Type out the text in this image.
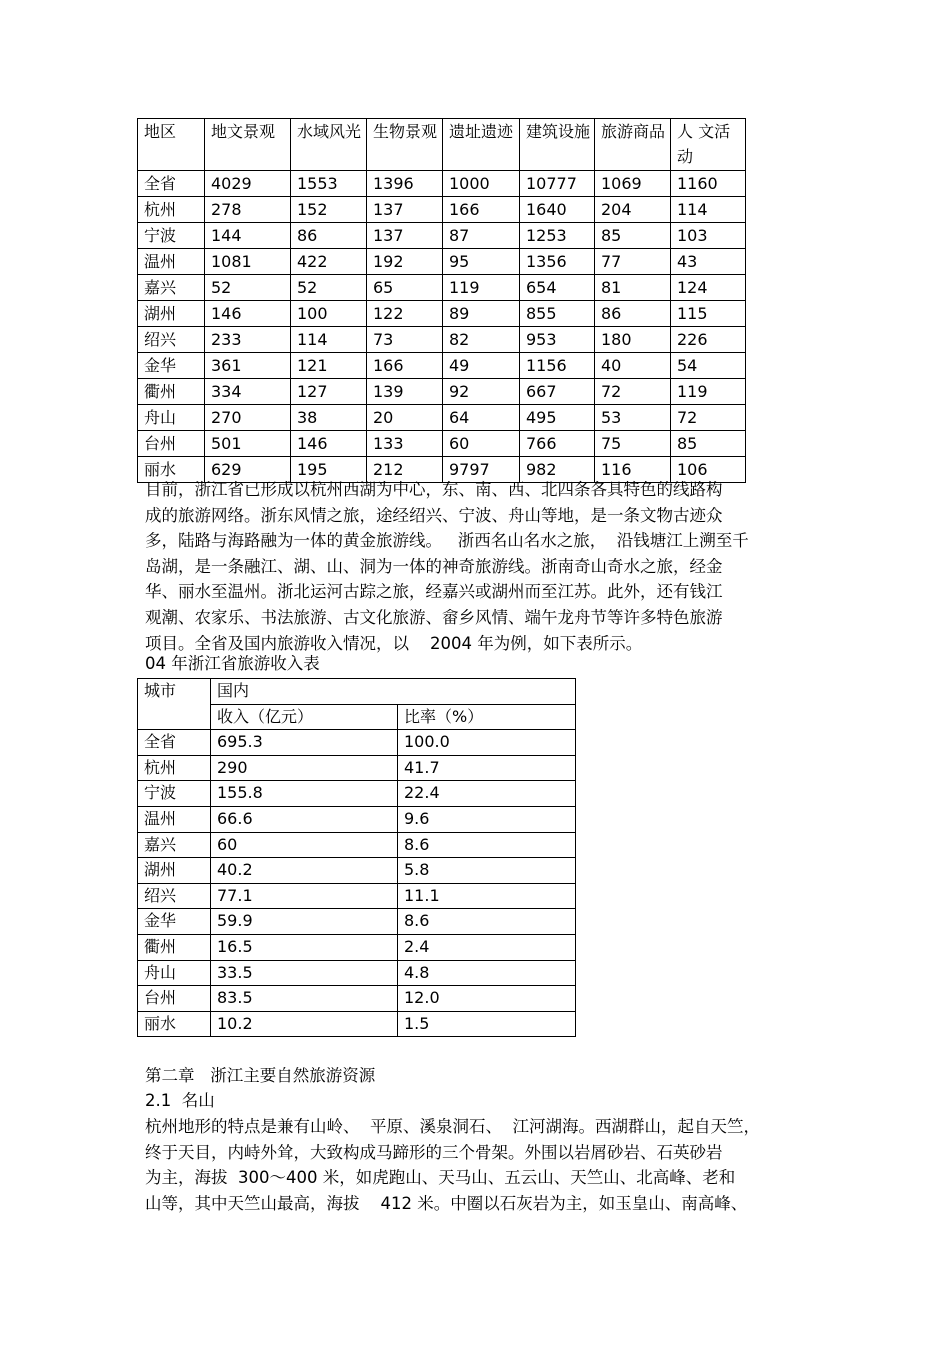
地区	地文景观	水域风光	生物景观	遗址遗迹	建筑设施	旅游商品	人 文活动
全省	4029	1553	1396	1000	10777	1069	1160
杭州	278	152	137	166	1640	204	114
宁波	144	86	137	87	1253	85	103
温州	1081	422	192	95	1356	77	43
嘉兴	52	52	65	119	654	81	124
湖州	146	100	122	89	855	86	115
绍兴	233	114	73	82	953	180	226
金华	361	121	166	49	1156	40	54
衢州	334	127	139	92	667	72	119
舟山	270	38	20	64	495	53	72
台州	501	146	133	60	766	75	85
丽水	629	195	212	9797	982	116	106
目前，浙江省已形成以杭州西湖为中心，东、南、西、北四条各具特色的线路构
成的旅游网络。浙东风情之旅，途经绍兴、宁波、舟山等地，是一条文物古迹众
多，陆路与海路融为一体的黄金旅游线。   浙西名山名水之旅，  沿钱塘江上溯至千
岛湖，是一条融江、湖、山、洞为一体的神奇旅游线。浙南奇山奇水之旅，经金
华、丽水至温州。浙北运河古踪之旅，经嘉兴或湖州而至江苏。此外，还有钱江
观潮、农家乐、书法旅游、古文化旅游、畲乡风情、端午龙舟节等许多特色旅游
项目。全省及国内旅游收入情况，以    2004 年为例，如下表所示。
04 年浙江省旅游收入表
城市	国内	
	收入（亿元）	比率（%）
全省	695.3	100.0
杭州	290	41.7
宁波	155.8	22.4
温州	66.6	9.6
嘉兴	60	8.6
湖州	40.2	5.8
绍兴	77.1	11.1
金华	59.9	8.6
衢州	16.5	2.4
舟山	33.5	4.8
台州	83.5	12.0
丽水	10.2	1.5
第二章   浙江主要自然旅游资源
2.1  名山
杭州地形的特点是兼有山岭、  平原、溪泉洞石、  江河湖海。西湖群山，起自天竺，
终于天目，内峙外耸，大致构成马蹄形的三个骨架。外围以岩屑砂岩、石英砂岩
为主，海拔  300～400 米，如虎跑山、天马山、五云山、天竺山、北高峰、老和
山等，其中天竺山最高，海拔    412 米。中圈以石灰岩为主，如玉皇山、南高峰、
